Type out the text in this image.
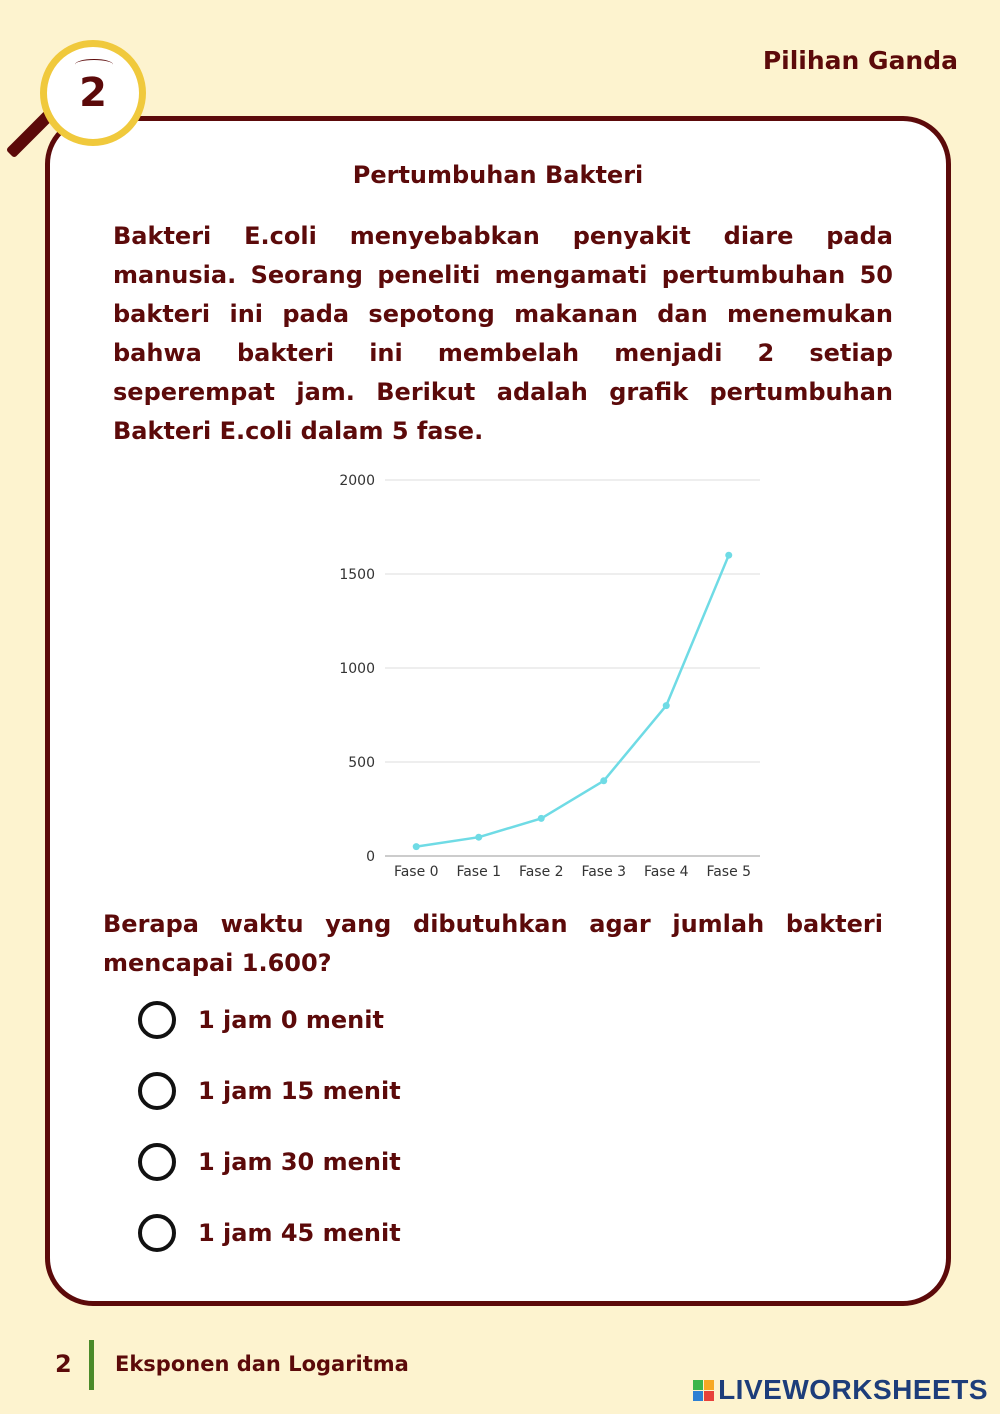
Pilihan Ganda
2
Pertumbuhan Bakteri

Bakteri E.coli menyebabkan penyakit diare pada manusia. Seorang peneliti mengamati pertumbuhan 50 bakteri ini pada sepotong makanan dan menemukan bahwa bakteri ini membelah menjadi 2 setiap seperempat jam. Berikut adalah grafik pertumbuhan Bakteri E.coli dalam 5 fase.

0
500
1000
1500
2000
Fase 0 Fase 1 Fase 2 Fase 3 Fase 4 Fase 5

Berapa waktu yang dibutuhkan agar jumlah bakteri mencapai 1.600?

1 jam 0 menit
1 jam 15 menit
1 jam 30 menit
1 jam 45 menit
2 Eksponen dan Logaritma
LIVEWORKSHEETS
